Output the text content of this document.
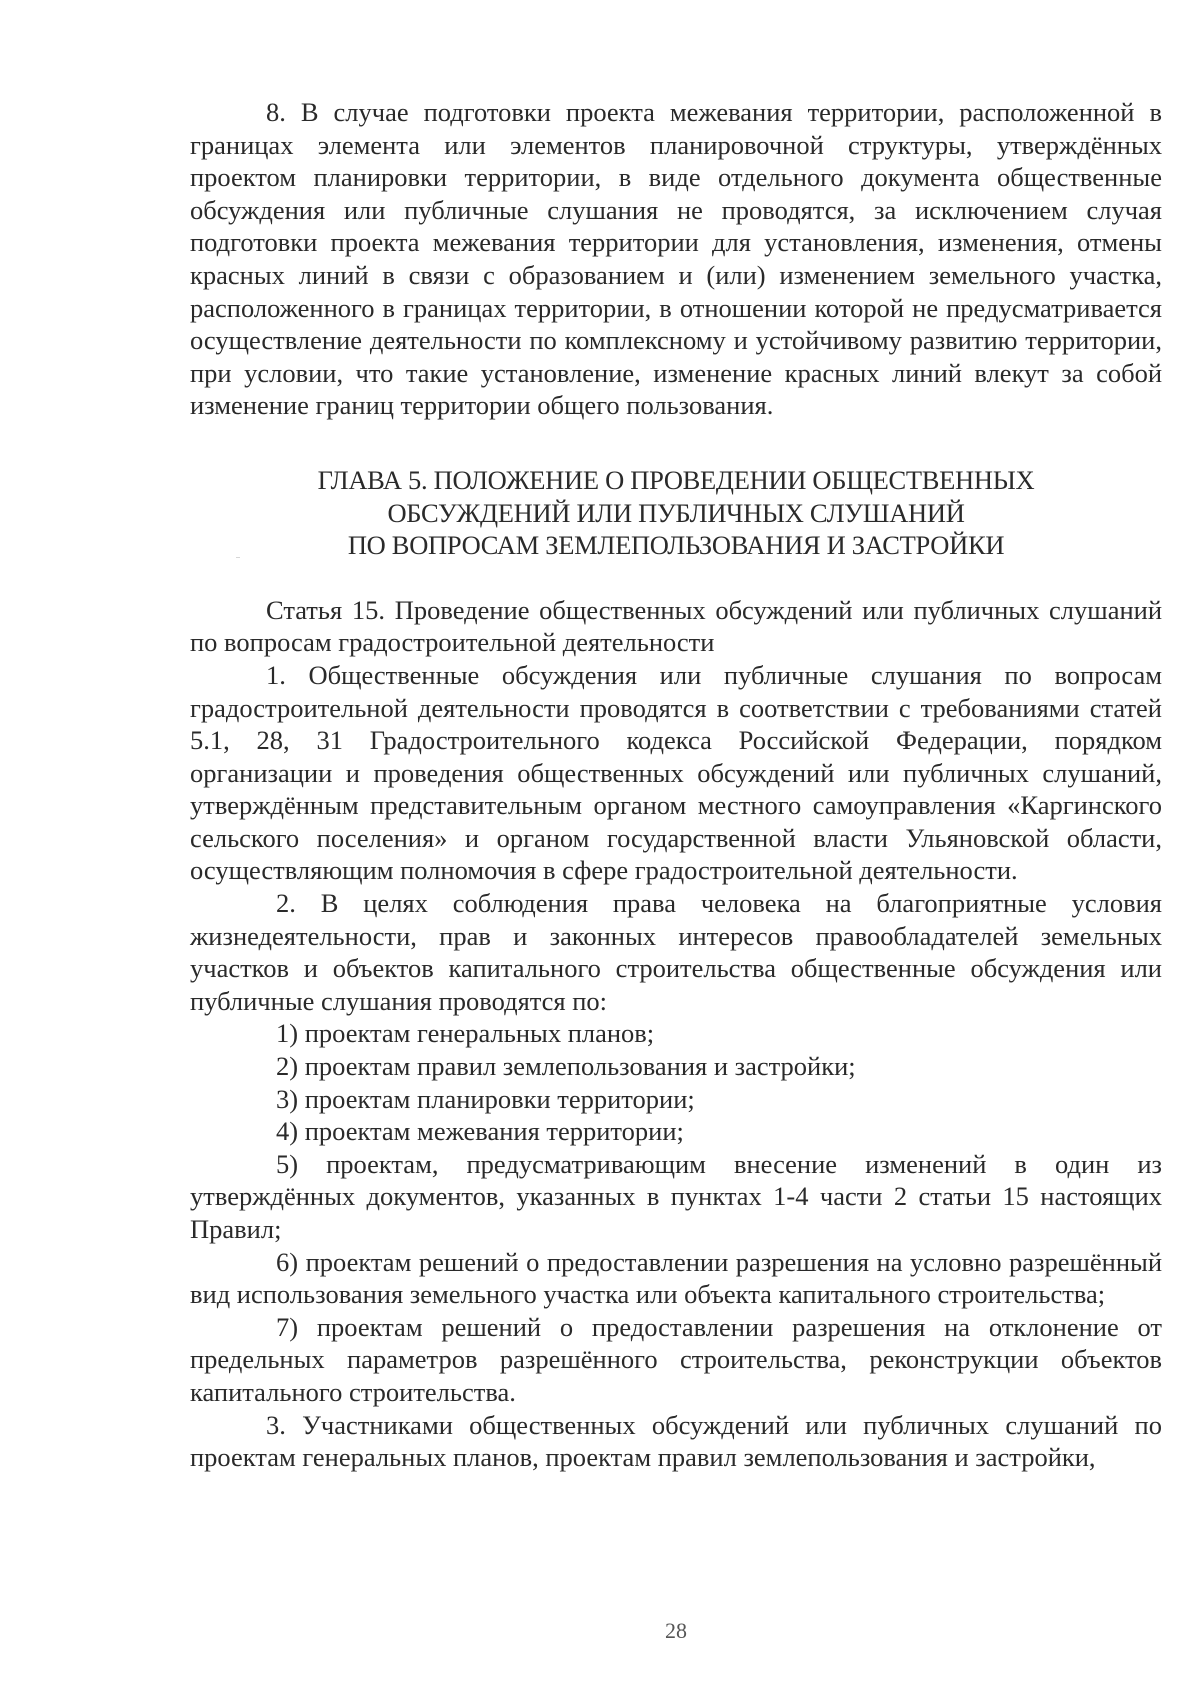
8. В случае подготовки проекта межевания территории, расположенной в границах элемента или элементов планировочной структуры, утверждённых проектом планировки территории, в виде отдельного документа общественные обсуждения или публичные слушания не проводятся, за исключением случая подготовки проекта межевания территории для установления, изменения, отмены красных линий в связи с образованием и (или) изменением земельного участка, расположенного в границах территории, в отношении которой не предусматривается осуществление деятельности по комплексному и устойчивому развитию территории, при условии, что такие установление, изменение красных линий влекут за собой изменение границ территории общего пользования.

ГЛАВА 5. ПОЛОЖЕНИЕ О ПРОВЕДЕНИИ ОБЩЕСТВЕННЫХ
ОБСУЖДЕНИЙ ИЛИ ПУБЛИЧНЫХ СЛУШАНИЙ
ПО ВОПРОСАМ ЗЕМЛЕПОЛЬЗОВАНИЯ И ЗАСТРОЙКИ

Статья 15. Проведение общественных обсуждений или публичных слушаний по вопросам градостроительной деятельности

1. Общественные обсуждения или публичные слушания по вопросам градостроительной деятельности проводятся в соответствии с требованиями статей 5.1, 28, 31 Градостроительного кодекса Российской Федерации, порядком организации и проведения общественных обсуждений или публичных слушаний, утверждённым представительным органом местного самоуправления «Каргинского сельского поселения» и органом государственной власти Ульяновской области, осуществляющим полномочия в сфере градостроительной деятельности.

2. В целях соблюдения права человека на благоприятные условия жизнедеятельности, прав и законных интересов правообладателей земельных участков и объектов капитального строительства общественные обсуждения или публичные слушания проводятся по:

1) проектам генеральных планов;

2) проектам правил землепользования и застройки;

3) проектам планировки территории;

4) проектам межевания территории;

5) проектам, предусматривающим внесение изменений в один из утверждённых документов, указанных в пунктах 1-4 части 2 статьи 15 настоящих Правил;

6) проектам решений о предоставлении разрешения на условно разрешённый вид использования земельного участка или объекта капитального строительства;

7) проектам решений о предоставлении разрешения на отклонение от предельных параметров разрешённого строительства, реконструкции объектов капитального строительства.

3. Участниками общественных обсуждений или публичных слушаний по проектам генеральных планов, проектам правил землепользования и застройки,

28
